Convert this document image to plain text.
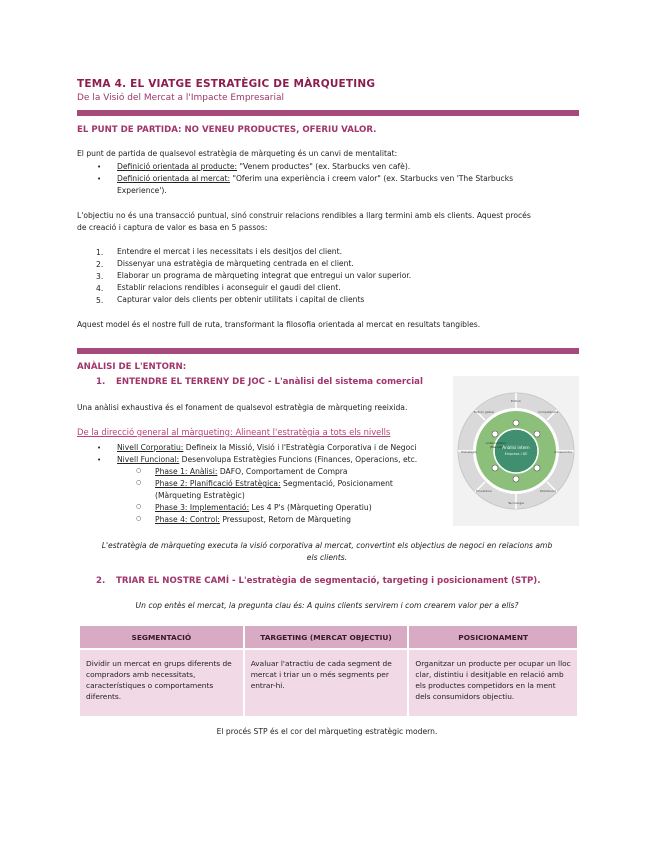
TEMA 4. EL VIATGE ESTRATÈGIC DE MÀRQUETING
De la Visió del Mercat a l'Impacte Empresarial
EL PUNT DE PARTIDA: NO VENEU PRODUCTES, OFERIU VALOR.
El punt de partida de qualsevol estratègia de màrqueting és un canvi de mentalitat:
• Definició orientada al producte: "Venem productes" (ex. Starbucks ven cafè).
• Definició orientada al mercat: "Oferim una experiència i creem valor" (ex. Starbucks ven 'The Starbucks
Experience').
L'objectiu no és una transacció puntual, sinó construir relacions rendibles a llarg termini amb els clients. Aquest procés
de creació i captura de valor es basa en 5 passos:
1. Entendre el mercat i les necessitats i els desitjos del client.
2. Dissenyar una estratègia de màrqueting centrada en el client.
3. Elaborar un programa de màrqueting integrat que entregui un valor superior.
4. Establir relacions rendibles i aconseguir el gaudi del client.
5. Capturar valor dels clients per obtenir utilitats i capital de clients
Aquest model és el nostre full de ruta, transformant la filosofia orientada al mercat en resultats tangibles.
ANÀLISI DE L'ENTORN:
1. ENTENDRE EL TERRENY DE JOC - L'anàlisi del sistema comercial
Una anàlisi exhaustiva és el fonament de qualsevol estratègia de màrqueting reeixida.
De la direcció general al màrqueting: Alineant l'estratègia a tots els nivells
• Nivell Corporatiu: Defineix la Missió, Visió i l'Estratègia Corporativa i de Negoci
• Nivell Funcional: Desenvolupa Estratègies Funcions (Finances, Operacions, etc.
○ Phase 1: Anàlisi: DAFO, Comportament de Compra
○ Phase 2: Planificació Estratègica: Segmentació, Posicionament
(Màrqueting Estratègic)
○ Phase 3: Implementació: Les 4 P's (Màrqueting Operatiu)
○ Phase 4: Control: Pressupost, Retorn de Màrqueting
Anàlisi intern
Empresa i DE
Anàlisi extern
(Mercat)
Entorn
Competència
Consumidor
Distribució
Tecnologia
Proveïdors
Estratègia
Entorn global
L'estratègia de màrqueting executa la visió corporativa al mercat, convertint els objectius de negoci en relacions amb
els clients.
2. TRIAR EL NOSTRE CAMÍ - L'estratègia de segmentació, targeting i posicionament (STP).
Un cop entès el mercat, la pregunta clau és: A quins clients servirem i com crearem valor per a ells?
SEGMENTACIÓ	TARGETING (MERCAT OBJECTIU)	POSICIONAMENT
Dividir un mercat en grups diferents de compradors amb necessitats, característiques o comportaments diferents.	Avaluar l'atractiu de cada segment de mercat i triar un o més segments per entrar-hi.	Organitzar un producte per ocupar un lloc clar, distintiu i desitjable en relació amb els productes competidors en la ment dels consumidors objectiu.
El procés STP és el cor del màrqueting estratègic modern.
